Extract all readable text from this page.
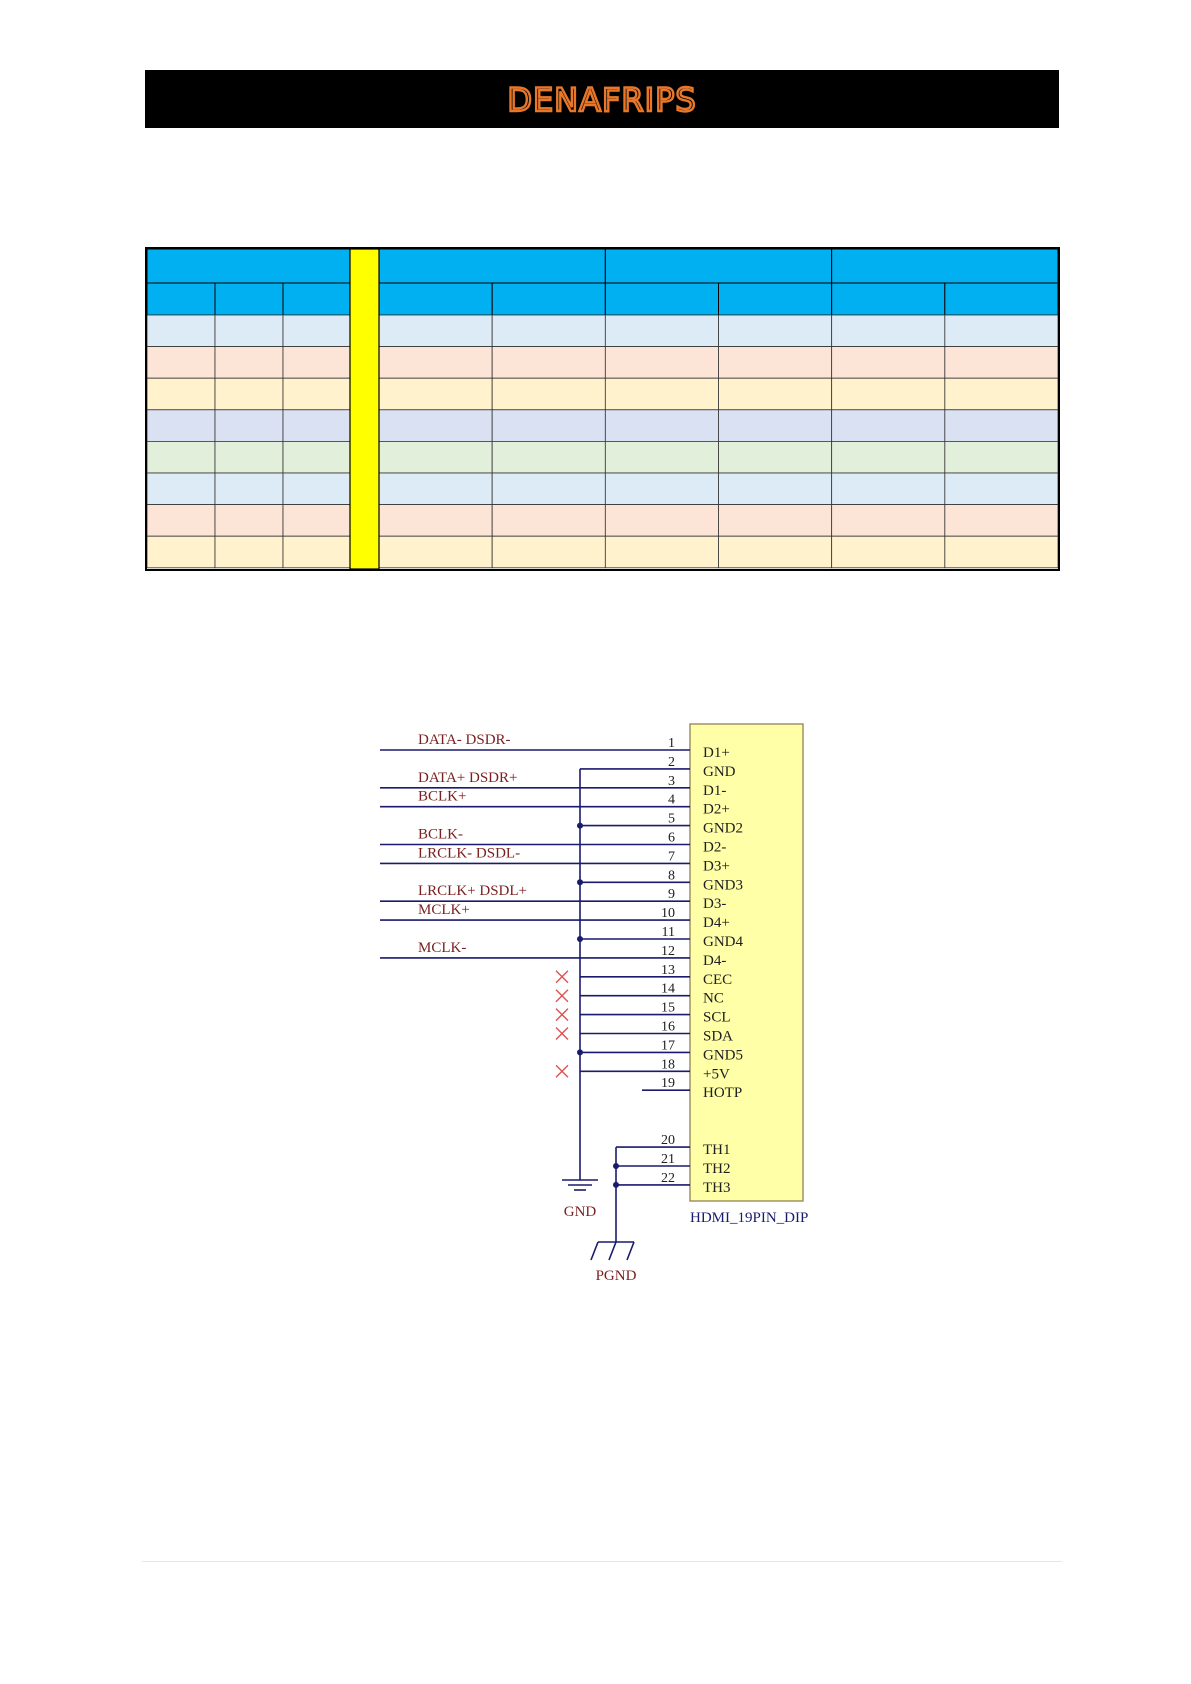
DENAFRIPS
1
D1+
DATA- DSDR-
2
GND
3
D1-
DATA+ DSDR+
4
D2+
BCLK+
5
GND2
6
D2-
BCLK-
7
D3+
LRCLK- DSDL-
8
GND3
9
D3-
LRCLK+ DSDL+
10
D4+
MCLK+
11
GND4
12
D4-
MCLK-
13
CEC
14
NC
15
SCL
16
SDA
17
GND5
18
+5V
19
HOTP
20
TH1
21
TH2
22
TH3
GND
PGND
HDMI_19PIN_DIP
